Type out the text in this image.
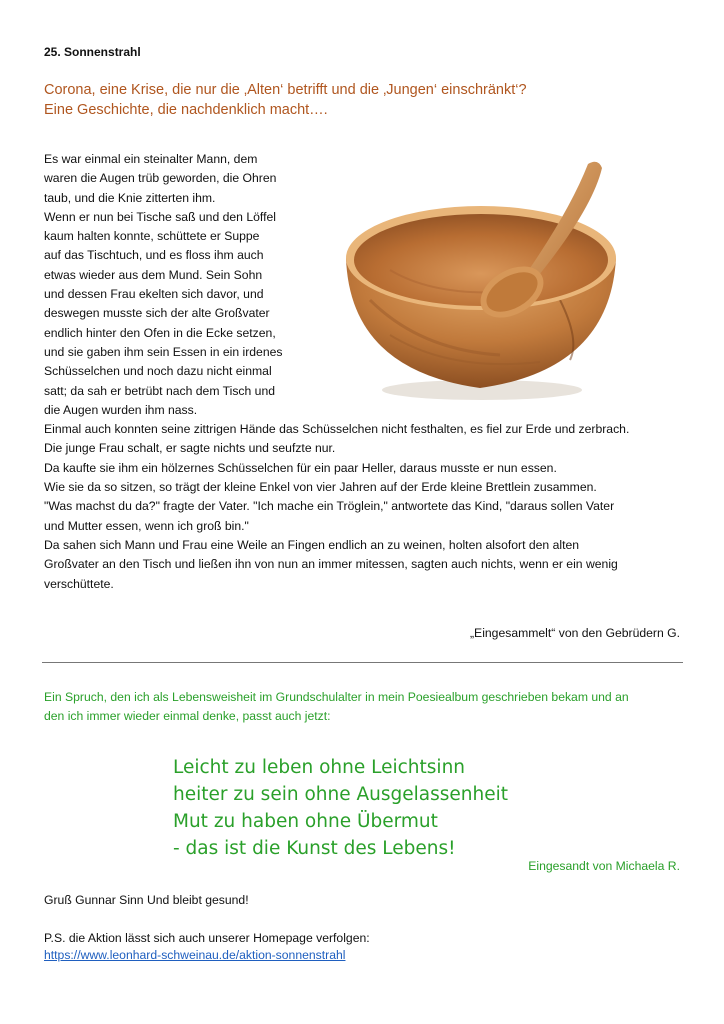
25. Sonnenstrahl
Corona, eine Krise, die nur die ‚Alten‘ betrifft und die ‚Jungen‘ einschränkt‘?
Eine Geschichte, die nachdenklich macht….
Es war einmal ein steinalter Mann, dem
waren die Augen trüb geworden, die Ohren
taub, und die Knie zitterten ihm.
Wenn er nun bei Tische saß und den Löffel
kaum halten konnte, schüttete er Suppe
auf das Tischtuch, und es floss ihm auch
etwas wieder aus dem Mund. Sein Sohn
und dessen Frau ekelten sich davor, und
deswegen musste sich der alte Großvater
endlich hinter den Ofen in die Ecke setzen,
und sie gaben ihm sein Essen in ein irdenes
Schüsselchen und noch dazu nicht einmal
satt; da sah er betrübt nach dem Tisch und
die Augen wurden ihm nass.
Einmal auch konnten seine zittrigen Hände das Schüsselchen nicht festhalten, es fiel zur Erde und zerbrach.
Die junge Frau schalt, er sagte nichts und seufzte nur.
Da kaufte sie ihm ein hölzernes Schüsselchen für ein paar Heller, daraus musste er nun essen.
Wie sie da so sitzen, so trägt der kleine Enkel von vier Jahren auf der Erde kleine Brettlein zusammen.
"Was machst du da?" fragte der Vater. "Ich mache ein Tröglein," antwortete das Kind, "daraus sollen Vater
und Mutter essen, wenn ich groß bin."
Da sahen sich Mann und Frau eine Weile an Fingen endlich an zu weinen, holten alsofort den alten
Großvater an den Tisch und ließen ihn von nun an immer mitessen, sagten auch nichts, wenn er ein wenig
verschüttete.
„Eingesammelt“ von den Gebrüdern G.
Ein Spruch, den ich als Lebensweisheit im Grundschulalter in mein Poesiealbum geschrieben bekam und an
den ich immer wieder einmal denke, passt auch jetzt:
Leicht zu leben ohne Leichtsinn
heiter zu sein ohne Ausgelassenheit
Mut zu haben ohne Übermut
- das ist die Kunst des Lebens!
Eingesandt von Michaela R.
Gruß Gunnar Sinn Und bleibt gesund!
P.S. die Aktion lässt sich auch unserer Homepage verfolgen:
https://www.leonhard-schweinau.de/aktion-sonnenstrahl
